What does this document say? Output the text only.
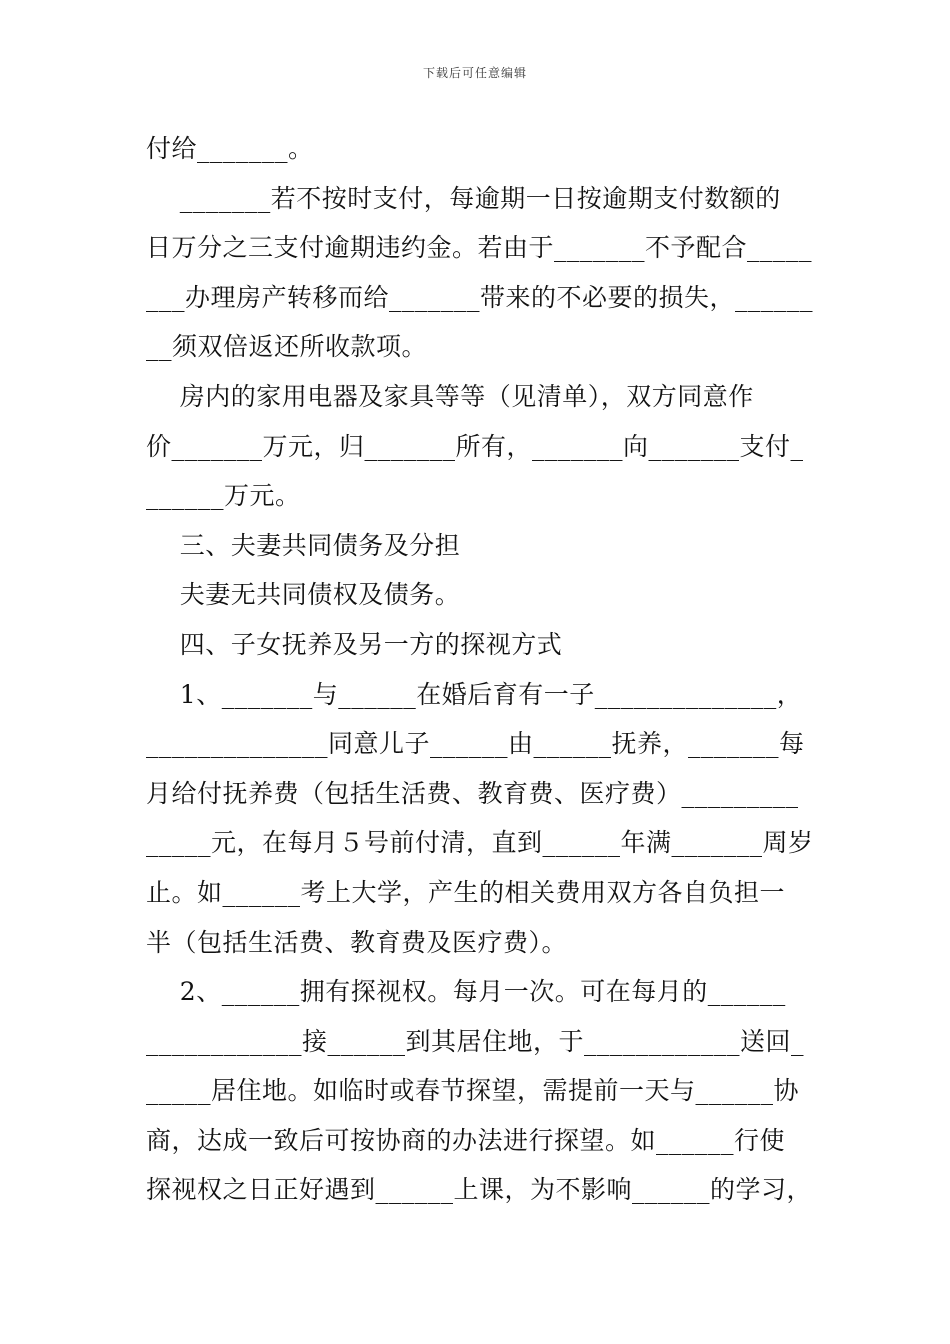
下载后可任意编辑
付给_______。
_______若不按时支付，每逾期一日按逾期支付数额的
日万分之三支付逾期违约金。若由于_______不予配合_____
___办理房产转移而给_______带来的不必要的损失，______
__须双倍返还所收款项。
房内的家用电器及家具等等（见清单），双方同意作
价_______万元，归_______所有，_______向_______支付_
______万元。
三、夫妻共同债务及分担
夫妻无共同债权及债务。
四、子女抚养及另一方的探视方式
1、_______与______在婚后育有一子______________，
______________同意儿子______由______抚养，_______每
月给付抚养费（包括生活费、教育费、医疗费）_________
_____元，在每月５号前付清，直到______年满_______周岁
止。如______考上大学，产生的相关费用双方各自负担一
半（包括生活费、教育费及医疗费）。
2、______拥有探视权。每月一次。可在每月的______
____________接______到其居住地，于____________送回_
_____居住地。如临时或春节探望，需提前一天与______协
商，达成一致后可按协商的办法进行探望。如______行使
探视权之日正好遇到______上课，为不影响______的学习，
